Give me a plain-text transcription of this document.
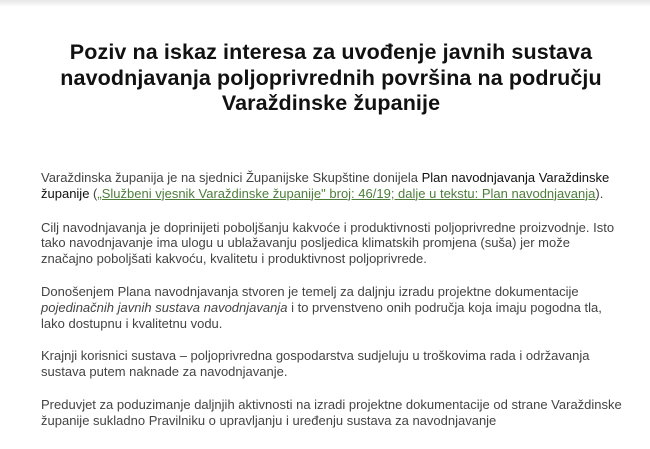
Poziv na iskaz interesa za uvođenje javnih sustava navodnjavanja poljoprivrednih površina na području Varaždinske županije

Varaždinska županija je na sjednici Županijske Skupštine donijela Plan navodnjavanja Varaždinske županije („Službeni vjesnik Varaždinske županije" broj: 46/19; dalje u tekstu: Plan navodnjavanja).

Cilj navodnjavanja je doprinijeti poboljšanju kakvoće i produktivnosti poljoprivredne proizvodnje. Isto tako navodnjavanje ima ulogu u ublažavanju posljedica klimatskih promjena (suša) jer može značajno poboljšati kakvoću, kvalitetu i produktivnost poljoprivrede.

Donošenjem Plana navodnjavanja stvoren je temelj za daljnju izradu projektne dokumentacije pojedinačnih javnih sustava navodnjavanja i to prvenstveno onih područja koja imaju pogodna tla, lako dostupnu i kvalitetnu vodu.

Krajnji korisnici sustava – poljoprivredna gospodarstva sudjeluju u troškovima rada i održavanja sustava putem naknade za navodnjavanje.

Preduvjet za poduzimanje daljnjih aktivnosti na izradi projektne dokumentacije od strane Varaždinske županije sukladno Pravilniku o upravljanju i uređenju sustava za navodnjavanje
